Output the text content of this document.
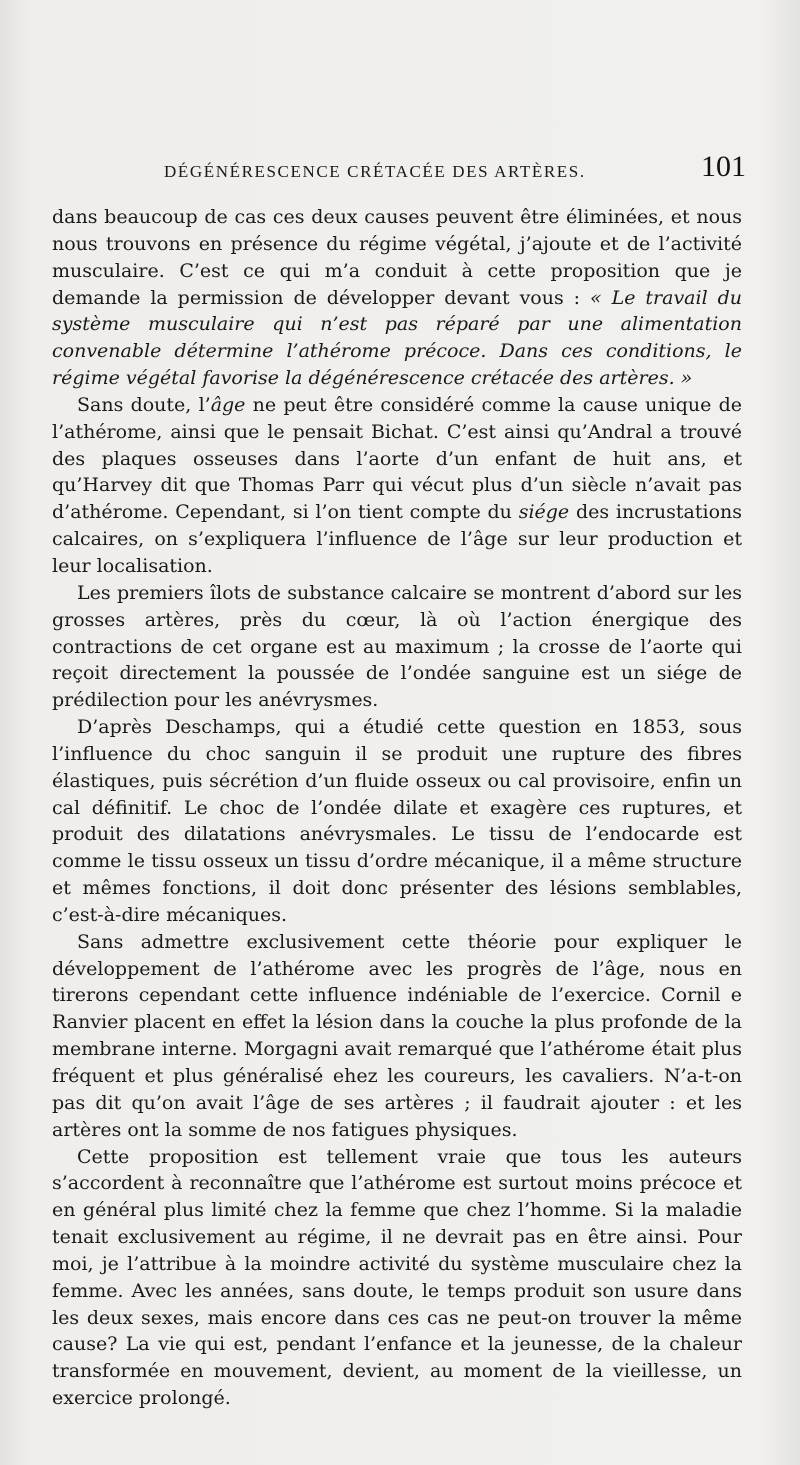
DÉGÉNÉRESCENCE CRÉTACÉE DES ARTÈRES.	101

dans beaucoup de cas ces deux causes peuvent être éliminées, et nous nous trouvons en présence du régime végétal, j’ajoute et de l’activité musculaire. C’est ce qui m’a conduit à cette proposition que je demande la permission de développer devant vous : « Le travail du système musculaire qui n’est pas réparé par une alimentation convenable détermine l’athérome précoce. Dans ces conditions, le régime végétal favorise la dégénérescence crétacée des artères. »

Sans doute, l’âge ne peut être considéré comme la cause unique de l’athérome, ainsi que le pensait Bichat. C’est ainsi qu’Andral a trouvé des plaques osseuses dans l’aorte d’un enfant de huit ans, et qu’Harvey dit que Thomas Parr qui vécut plus d’un siècle n’avait pas d’athérome. Cependant, si l’on tient compte du siége des incrustations calcaires, on s’expliquera l’influence de l’âge sur leur production et leur localisation.

Les premiers îlots de substance calcaire se montrent d’abord sur les grosses artères, près du cœur, là où l’action énergique des contractions de cet organe est au maximum ; la crosse de l’aorte qui reçoit directement la poussée de l’ondée sanguine est un siége de prédilection pour les anévrysmes.

D’après Deschamps, qui a étudié cette question en 1853, sous l’influence du choc sanguin il se produit une rupture des fibres élastiques, puis sécrétion d’un fluide osseux ou cal provisoire, enfin un cal définitif. Le choc de l’ondée dilate et exagère ces ruptures, et produit des dilatations anévrysmales. Le tissu de l’endocarde est comme le tissu osseux un tissu d’ordre mécanique, il a même structure et mêmes fonctions, il doit donc présenter des lésions semblables, c’est-à-dire mécaniques.

Sans admettre exclusivement cette théorie pour expliquer le développement de l’athérome avec les progrès de l’âge, nous en tirerons cependant cette influence indéniable de l’exercice. Cornil e Ranvier placent en effet la lésion dans la couche la plus profonde de la membrane interne. Morgagni avait remarqué que l’athérome était plus fréquent et plus généralisé ehez les coureurs, les cavaliers. N’a-t-on pas dit qu’on avait l’âge de ses artères ; il faudrait ajouter : et les artères ont la somme de nos fatigues physiques.

Cette proposition est tellement vraie que tous les auteurs s’accordent à reconnaître que l’athérome est surtout moins précoce et en général plus limité chez la femme que chez l’homme. Si la maladie tenait exclusivement au régime, il ne devrait pas en être ainsi. Pour moi, je l’attribue à la moindre activité du système musculaire chez la femme. Avec les années, sans doute, le temps produit son usure dans les deux sexes, mais encore dans ces cas ne peut-on trouver la même cause? La vie qui est, pendant l’enfance et la jeunesse, de la chaleur transformée en mouvement, devient, au moment de la vieillesse, un exercice prolongé.
